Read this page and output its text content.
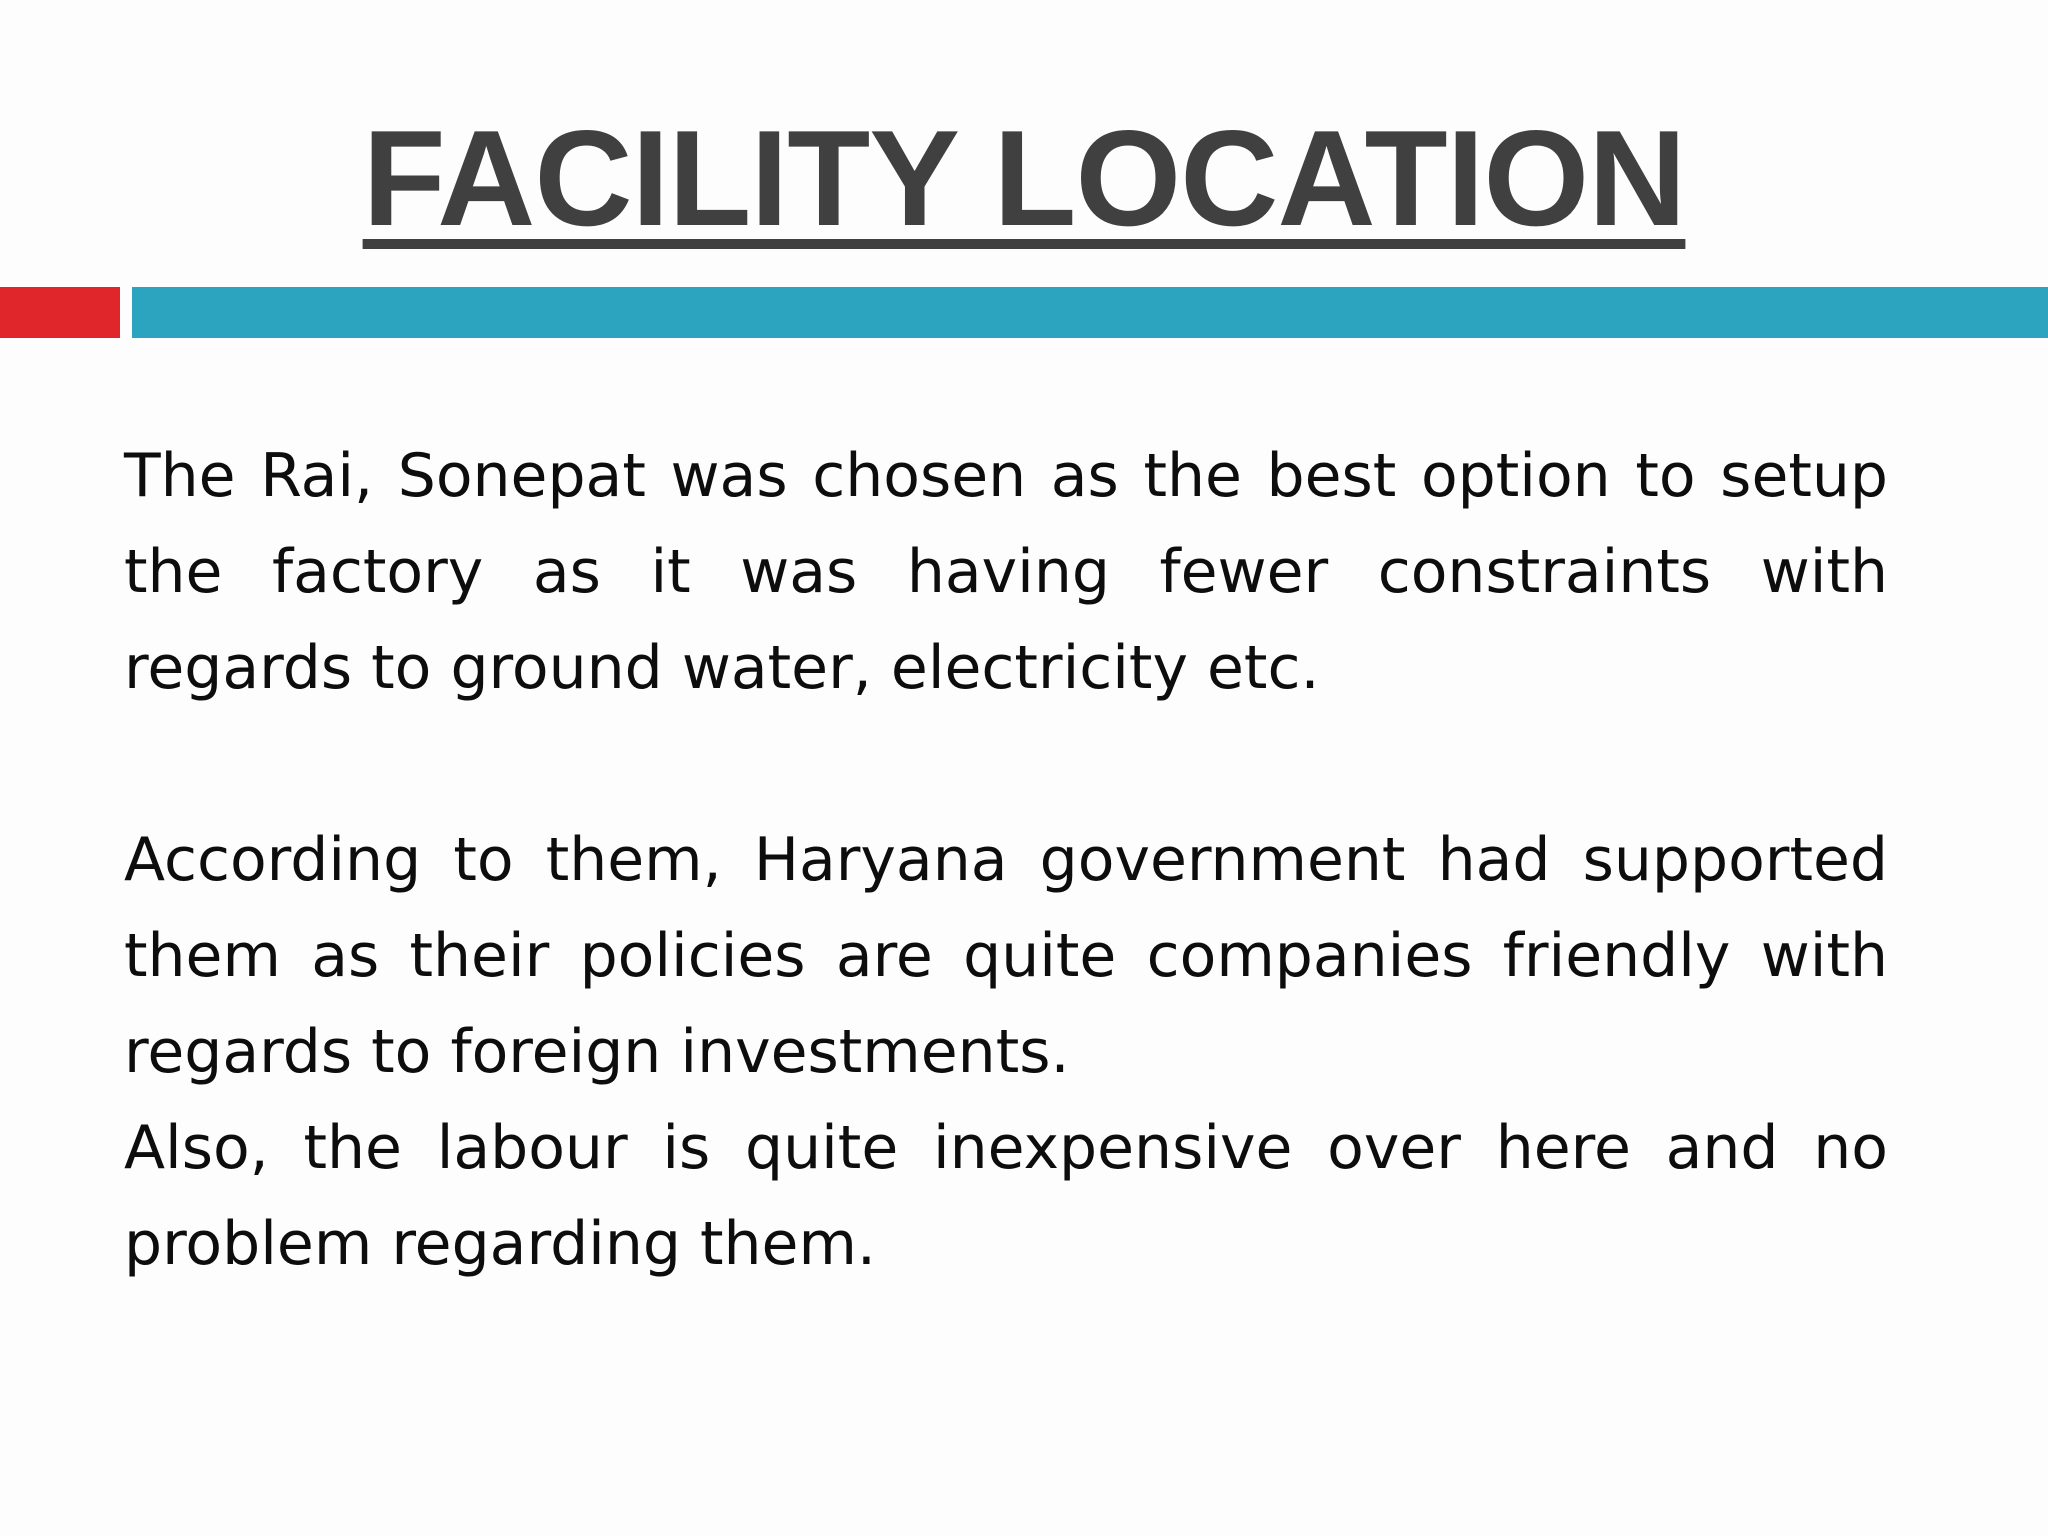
FACILITY LOCATION

The Rai, Sonepat was chosen as the best option to setup the factory as it was having fewer constraints with regards to ground water, electricity etc.

According to them, Haryana government had supported them as their policies are quite companies friendly with regards to foreign investments.

Also, the labour is quite inexpensive over here and no problem regarding them.
